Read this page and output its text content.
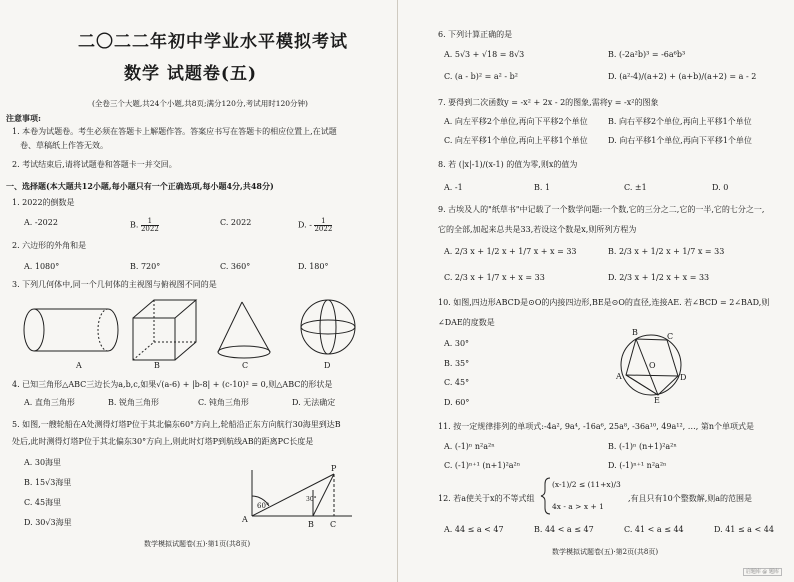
二〇二二年初中学业水平模拟考试
数学 试题卷(五)
(全卷三个大题,共24个小题,共8页;满分120分,考试用时120分钟)
注意事项:
1. 本卷为试题卷。考生必须在答题卡上解题作答。答案应书写在答题卡的相应位置上,在试题
卷、草稿纸上作答无效。
2. 考试结束后,请将试题卷和答题卡一并交回。
一、选择题(本大题共12小题,每小题只有一个正确选项,每小题4分,共48分)
1. 2022的倒数是
A. -2022	B. $\frac{1}{2022}$	C. 2022	D. - $\frac{1}{2022}$
2. 六边形的外角和是
A. 1080°	B. 720°	C. 360°	D. 180°
3. 下列几何体中,同一个几何体的主视图与俯视图不同的是
A	B	C	D
4. 已知三角形△ABC三边长为a,b,c,如果√(a-6) + |b-8| + (c-10)² = 0,则△ABC的形状是
A. 直角三角形	B. 锐角三角形	C. 钝角三角形	D. 无法确定
5. 如图,一艘轮船在A处测得灯塔P位于其北偏东60°方向上,轮船沿正东方向航行30海里到达B
处后,此时测得灯塔P位于其北偏东30°方向上,则此时灯塔P到航线AB的距离PC长度是
A. 30海里
B. 15√3海里
C. 45海里
D. 30√3海里
60°
30°
A
B C
P
数学模拟试题卷(五)·第1页(共8页)
6. 下列计算正确的是
A. 5√3 + √18 = 8√3	B. (-2a²b)³ = -6a⁶b³
C. (a - b)² = a² - b²	D. (a²-4)/(a+2) + (a+b)/(a+2) = a - 2
7. 要得到二次函数y = -x² + 2x - 2的图象,需将y = -x²的图象
A. 向左平移2个单位,再向下平移2个单位	B. 向右平移2个单位,再向上平移1个单位
C. 向左平移1个单位,再向上平移1个单位	D. 向右平移1个单位,再向下平移1个单位
8. 若 (|x|-1)/(x-1) 的值为零,则x的值为
A. -1	B. 1	C. ±1	D. 0
9. 古埃及人的"纸草书"中记载了一个数学问题:一个数,它的三分之二,它的一半,它的七分之一,
它的全部,加起来总共是33,若设这个数是x,则所列方程为
A. 2/3 x + 1/2 x + 1/7 x + x = 33	B. 2/3 x + 1/2 x + 1/7 x = 33
C. 2/3 x + 1/7 x + x = 33	D. 2/3 x + 1/2 x + x = 33
10. 如图,四边形ABCD是⊙O的内接四边形,BE是⊙O的直径,连接AE. 若∠BCD = 2∠BAD,则
∠DAE的度数是
A. 30°
B. 35°
C. 45°
D. 60°
B	C
D
E
A
O
11. 按一定规律排列的单项式:-4a², 9a⁴, -16a⁶, 25a⁸, -36a¹⁰, 49a¹², …, 第n个单项式是
A. (-1)ⁿ n²a²ⁿ	B. (-1)ⁿ (n+1)²a²ⁿ
C. (-1)ⁿ⁺¹ (n+1)²a²ⁿ	D. (-1)ⁿ⁺¹ n²a²ⁿ
12. 若a使关于x的不等式组
(x-1)/2 ≤ (11+x)/3
4x - a > x + 1
,有且只有10个整数解,则a的范围是
A. 44 ≤ a < 47	B. 44 < a ≤ 47	C. 41 < a ≤ 44	D. 41 ≤ a < 44
数学模拟试题卷(五)·第2页(共8页)
启题库 @ 题库
